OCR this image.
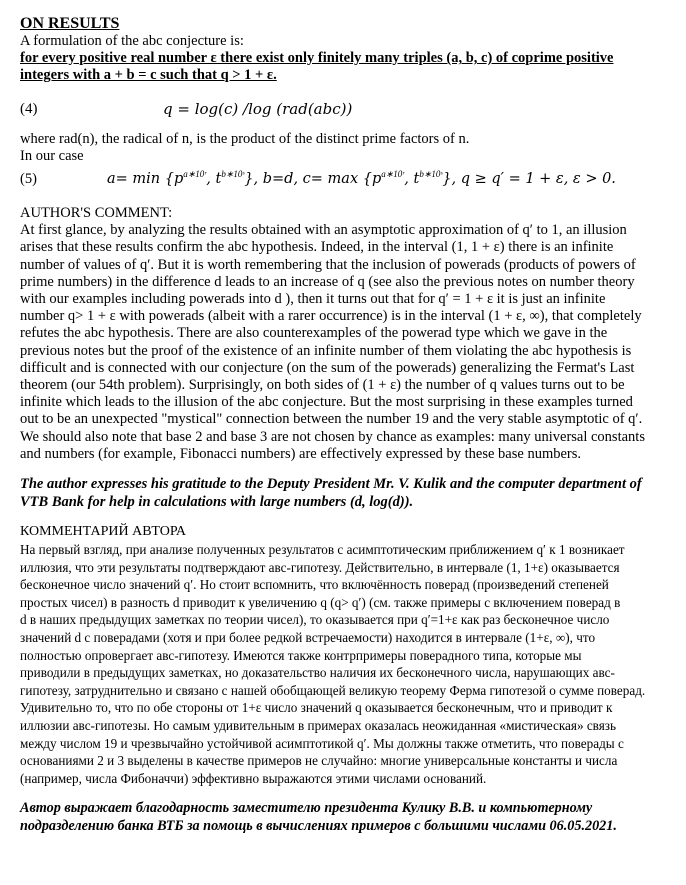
ON RESULTS

A formulation of the abc conjecture is:

for every positive real number ε there exist only finitely many triples (a, b, c) of coprime positive

integers with a + b = c such that q > 1 + ε.

(4)	q = log(c) /log (rad(abc))

where rad(n), the radical of n, is the product of the distinct prime factors of n.

In our case

(5)	$a= \min \{p^{a∗10ʳ}$, $t^{b∗10ˢ}$}, b=d, $c= \max \{p^{a∗10ʳ}$, $t^{b∗10ˢ}$}, q ≥ q′ = 1 + ε, ε > 0.

AUTHOR'S COMMENT:

At first glance, by analyzing the results obtained with an asymptotic approximation of q′ to 1, an illusion

arises that these results confirm the abc hypothesis. Indeed, in the interval (1, 1 + ε) there is an infinite

number of values of q′. But it is worth remembering that the inclusion of powerads (products of powers of

prime numbers) in the difference d leads to an increase of q (see also the previous notes on number theory

with our examples including powerads into d ), then it turns out that for q′ = 1 + ε it is just an infinite

number q> 1 + ε with powerads (albeit with a rarer occurrence) is in the interval (1 + ε, ∞), that completely

refutes the abc hypothesis. There are also counterexamples of the powerad type which we gave in the

previous notes but the proof of the existence of an infinite number of them violating the abc hypothesis is

difficult and is connected with our conjecture (on the sum of the powerads) generalizing the Fermat's Last

theorem (our 54th problem). Surprisingly, on both sides of (1 + ε) the number of q values turns out to be

infinite which leads to the illusion of the abc conjecture. But the most surprising in these examples turned

out to be an unexpected "mystical" connection between the number 19 and the very stable asymptotic of q′.

We should also note that base 2 and base 3 are not chosen by chance as examples: many universal constants

and numbers (for example, Fibonacci numbers) are effectively expressed by these base numbers.

The author expresses his gratitude to the Deputy President Mr. V. Kulik and the computer department of

VTB Bank for help in calculations with large numbers (d, log(d)).

КОММЕНТАРИЙ АВТОРА

На первый взгляд, при анализе полученных результатов с асимптотическим приближением q′ к 1 возникает

иллюзия, что эти результаты подтверждают авс-гипотезу. Действительно, в интервале (1, 1+ε) оказывается

бесконечное число значений q′. Но стоит вспомнить, что включённость поверад (произведений степеней

простых чисел) в разность d приводит к увеличению q (q> q′) (см. также примеры с включением поверад в

d в наших предыдущих заметках по теории чисел), то оказывается при q′=1+ε как раз бесконечное число

значений d с поверадами (хотя и при более редкой встречаемости) находится в интервале (1+ε, ∞), что

полностью опровергает авс-гипотезу. Имеются также контрпримеры поверадного типа, которые мы

приводили в предыдущих заметках, но доказательство наличия их бесконечного числа, нарушающих авс-

гипотезу, затруднительно и связано с нашей обобщающей великую теорему Ферма гипотезой о сумме поверад.

Удивительно то, что по обе стороны от 1+ε число значений q оказывается бесконечным, что и приводит к

иллюзии авс-гипотезы. Но самым удивительным в примерах оказалась неожиданная «мистическая» связь

между числом 19 и чрезвычайно устойчивой асимптотикой q′. Мы должны также отметить, что поверады с

основаниями 2 и 3 выделены в качестве примеров не случайно: многие универсальные константы и числа

(например, числа Фибоначчи) эффективно выражаются этими числами оснований.

Автор выражает благодарность заместителю президента Кулику В.В. и компьютерному

подразделению банка ВТБ за помощь в вычислениях примеров с большими числами 06.05.2021.
